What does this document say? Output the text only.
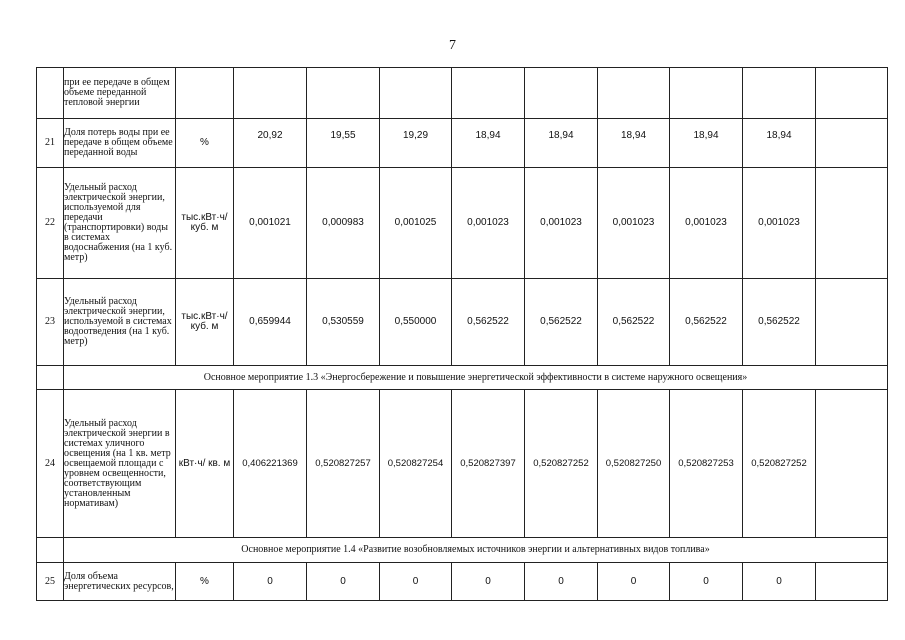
7
	при ее передаче в общем объеме переданной тепловой энергии										
21	Доля потерь воды при ее передаче в общем объеме переданной воды	%	20,92	19,55	19,29	18,94	18,94	18,94	18,94	18,94	
22	Удельный расход электрической энергии, используемой для передачи (транспортировки) воды в системах водоснабжения (на 1 куб. метр)	тыс.кВт·ч/ куб. м	0,001021	0,000983	0,001025	0,001023	0,001023	0,001023	0,001023	0,001023	
23	Удельный расход электрической энергии, используемой в системах водоотведения (на 1 куб. метр)	тыс.кВт·ч/ куб. м	0,659944	0,530559	0,550000	0,562522	0,562522	0,562522	0,562522	0,562522	
	Основное мероприятие 1.3 «Энергосбережение и повышение энергетической эффективности в системе наружного освещения»										
24	Удельный расход электрической энергии в системах уличного освещения (на 1 кв. метр освещаемой площади с уровнем освещенности, соответствующим установленным нормативам)	кВт·ч/ кв. м	0,406221369	0,520827257	0,520827254	0,520827397	0,520827252	0,520827250	0,520827253	0,520827252	
	Основное мероприятие 1.4 «Развитие возобновляемых источников энергии и альтернативных видов топлива»										
25	Доля объема энергетических ресурсов,	%	0	0	0	0	0	0	0	0	
